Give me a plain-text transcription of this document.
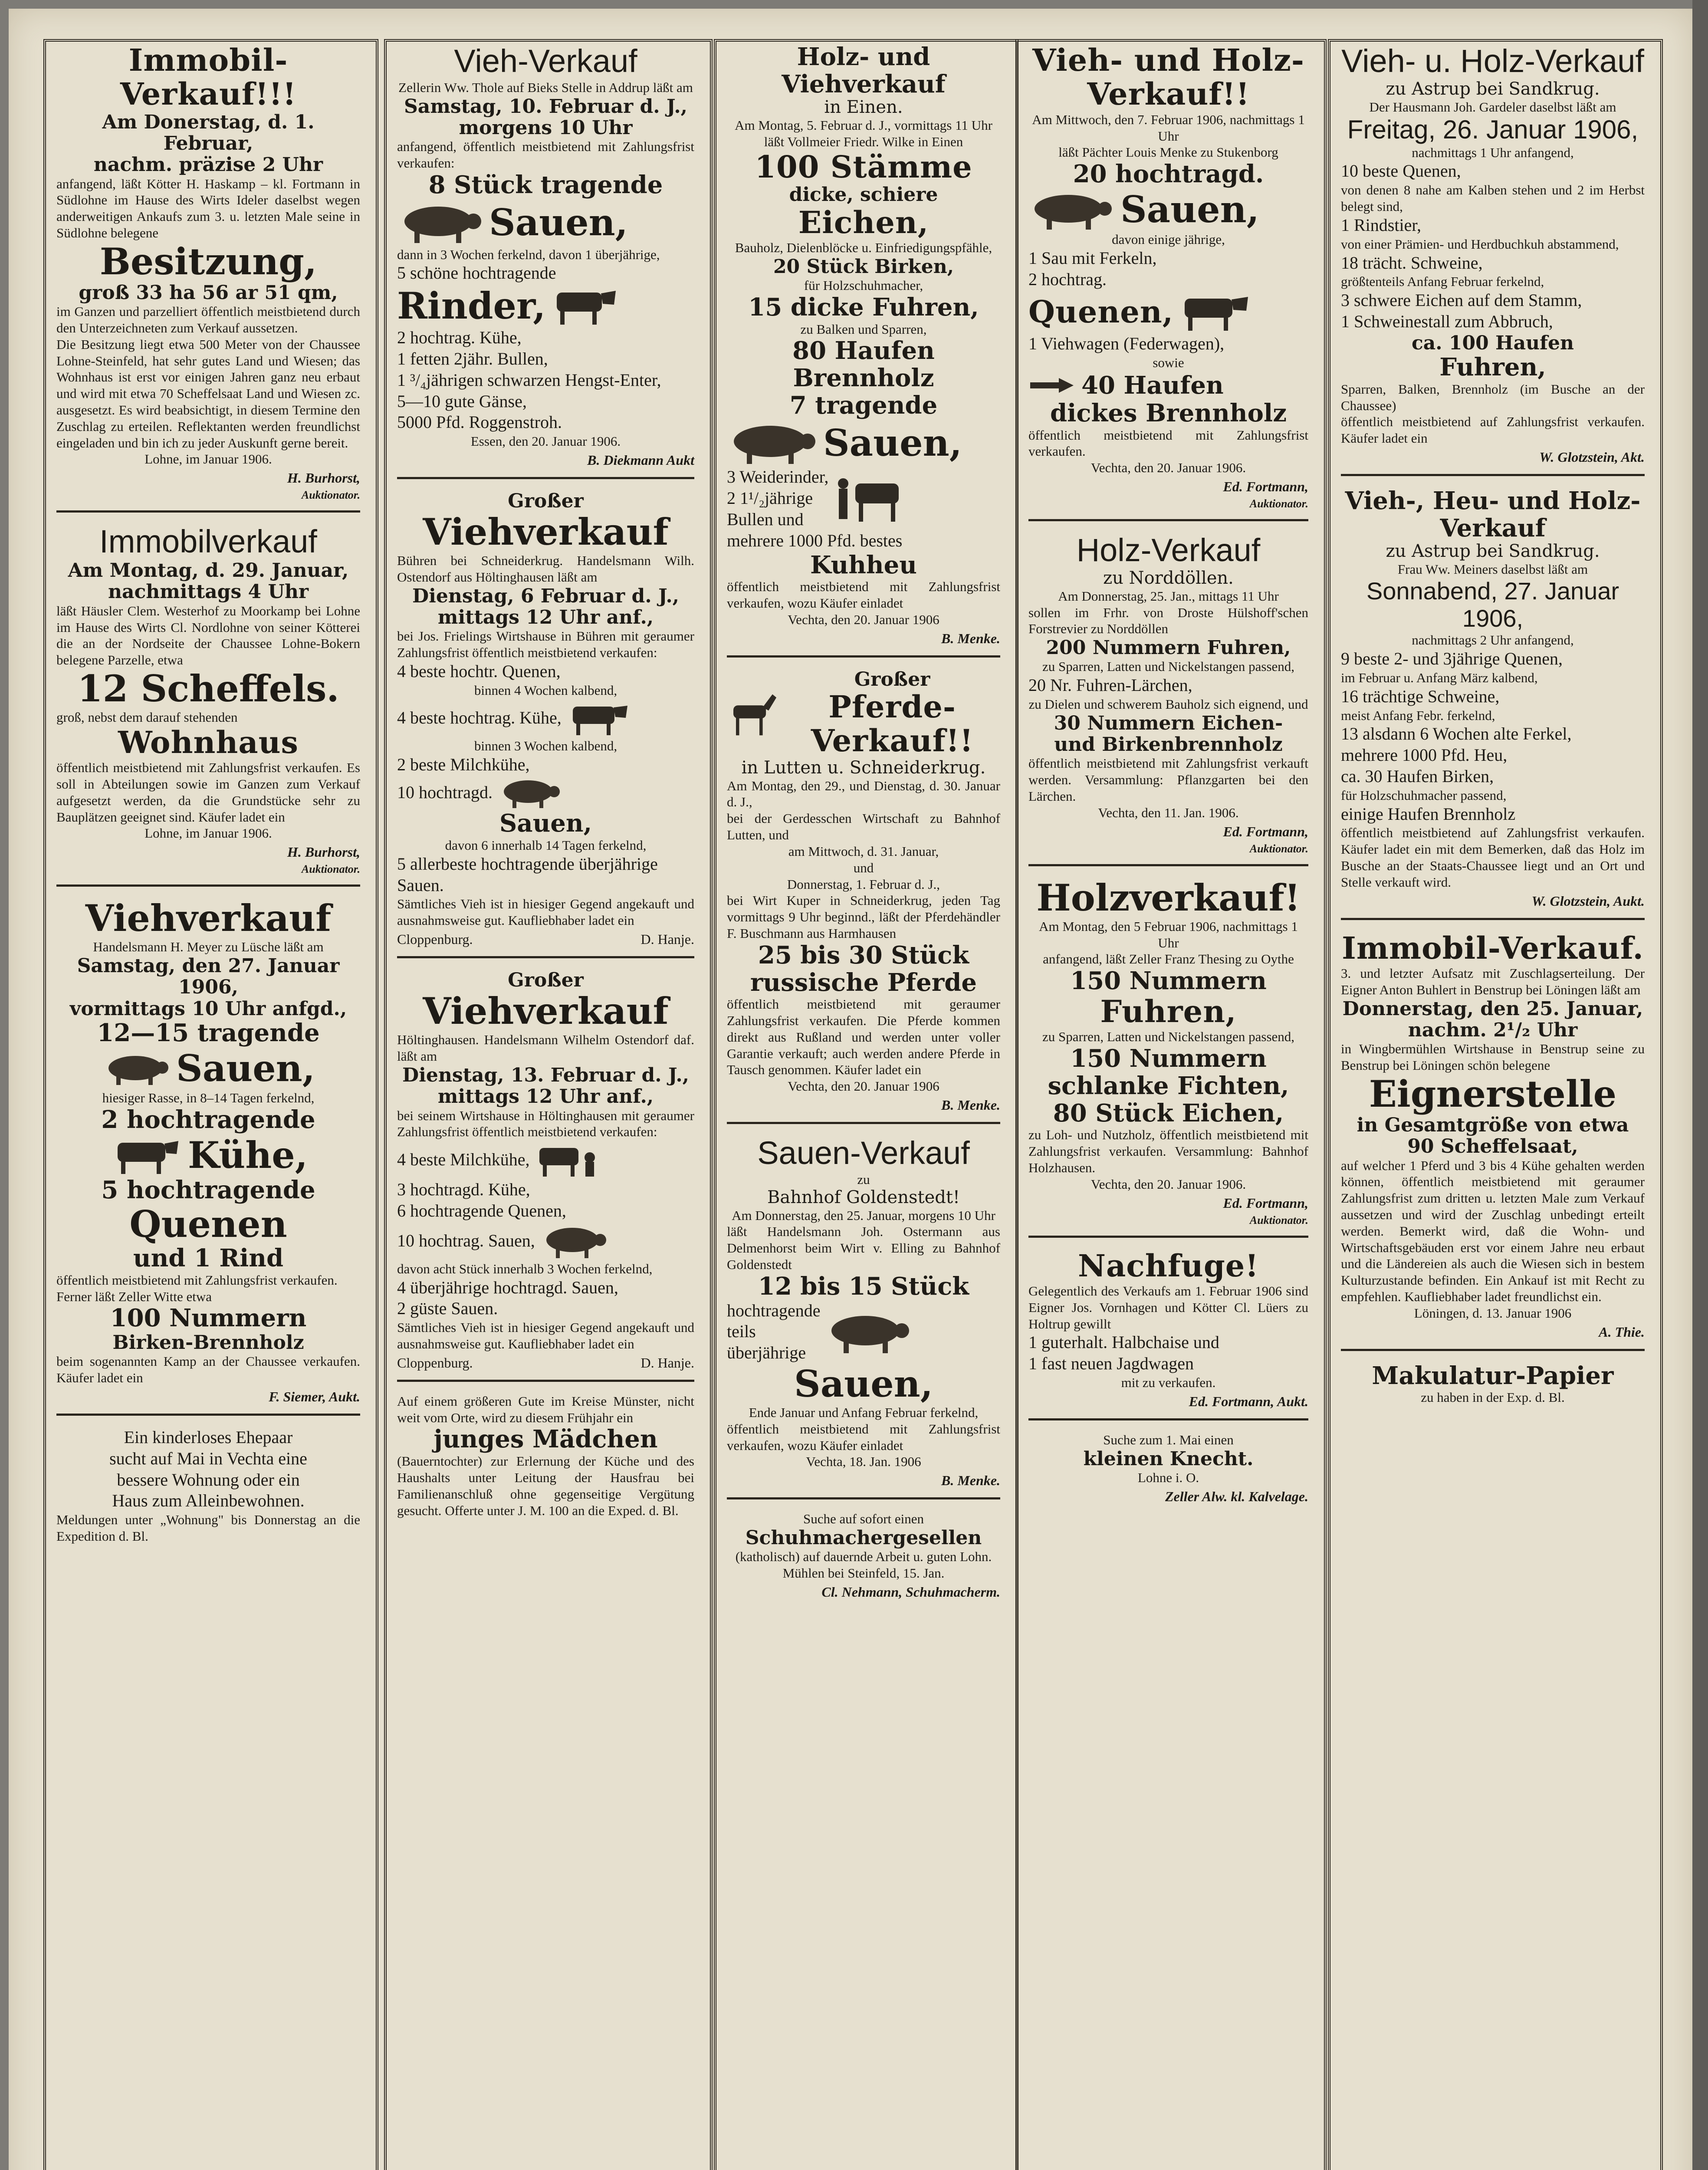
Immobil-Verkauf!!!
Am Donerstag, d. 1. Februar,
nachm. präzise 2 Uhr
anfangend, läßt Kötter H. Haskamp – kl. Fortmann in Südlohne im Hause des Wirts Ideler daselbst wegen anderweitigen Ankaufs zum 3. u. letzten Male seine in Südlohne belegene
Besitzung,
groß 33 ha 56 ar 51 qm,
im Ganzen und parzelliert öffentlich meistbietend durch den Unterzeichneten zum Verkauf aussetzen.
Die Besitzung liegt etwa 500 Meter von der Chaussee Lohne-Steinfeld, hat sehr gutes Land und Wiesen; das Wohnhaus ist erst vor einigen Jahren ganz neu erbaut und wird mit etwa 70 Scheffelsaat Land und Wiesen zc. ausgesetzt. Es wird beabsichtigt, in diesem Termine den Zuschlag zu erteilen. Reflektanten werden freundlichst eingeladen und bin ich zu jeder Auskunft gerne bereit.
Lohne, im Januar 1906.
H. Burhorst,
Auktionator.
Immobilverkauf
Am Montag, d. 29. Januar, nachmittags 4 Uhr
läßt Häusler Clem. Westerhof zu Moorkamp bei Lohne im Hause des Wirts Cl. Nordlohne von seiner Kötterei die an der Nordseite der Chaussee Lohne-Bokern belegene Parzelle, etwa
12 Scheffels.
groß, nebst dem darauf stehenden
Wohnhaus
öffentlich meistbietend mit Zahlungsfrist verkaufen. Es soll in Abteilungen sowie im Ganzen zum Verkauf aufgesetzt werden, da die Grundstücke sehr zu Bauplätzen geeignet sind. Käufer ladet ein
Lohne, im Januar 1906.
H. Burhorst,
Auktionator.
Viehverkauf
Handelsmann H. Meyer zu Lüsche läßt am
Samstag, den 27. Januar 1906,
vormittags 10 Uhr anfgd.,
12—15 tragende
Sauen,
hiesiger Rasse, in 8–14 Tagen ferkelnd,
2 hochtragende
Kühe,
5 hochtragende
Quenen
und 1 Rind
öffentlich meistbietend mit Zahlungsfrist verkaufen.
Ferner läßt Zeller Witte etwa
100 Nummern
Birken-Brennholz
beim sogenannten Kamp an der Chaussee verkaufen. Käufer ladet ein
F. Siemer, Aukt.
Ein kinderloses Ehepaar
sucht auf Mai in Vechta eine
bessere Wohnung oder ein
Haus zum Alleinbewohnen.
Meldungen unter „Wohnung" bis Donnerstag an die Expedition d. Bl.
Vieh-Verkauf
Zellerin Ww. Thole auf Bieks Stelle in Addrup läßt am
Samstag, 10. Februar d. J.,
morgens 10 Uhr
anfangend, öffentlich meistbietend mit Zahlungsfrist verkaufen:
8 Stück tragende
Sauen,
dann in 3 Wochen ferkelnd, davon 1 überjährige,
5 schöne hochtragende
Rinder,
2 hochtrag. Kühe,
1 fetten 2jähr. Bullen,
1 ³/₄jährigen schwarzen Hengst-Enter,
5—10 gute Gänse,
5000 Pfd. Roggenstroh.
Essen, den 20. Januar 1906.
B. Diekmann Aukt
Großer
Viehverkauf
Bühren bei Schneiderkrug. Handelsmann Wilh. Ostendorf aus Höltinghausen läßt am
Dienstag, 6 Februar d. J.,
mittags 12 Uhr anf.,
bei Jos. Frielings Wirtshause in Bühren mit geraumer Zahlungsfrist öffentlich meistbietend verkaufen:
4 beste hochtr. Quenen,
binnen 4 Wochen kalbend,
4 beste hochtrag. Kühe,
binnen 3 Wochen kalbend,
2 beste Milchkühe,
10 hochtragd.
Sauen,
davon 6 innerhalb 14 Tagen ferkelnd,
5 allerbeste hochtragende überjährige Sauen.
Sämtliches Vieh ist in hiesiger Gegend angekauft und ausnahmsweise gut. Kaufliebhaber ladet ein
Cloppenburg.	D. Hanje.
Großer
Viehverkauf
Höltinghausen. Handelsmann Wilhelm Ostendorf daf. läßt am
Dienstag, 13. Februar d. J.,
mittags 12 Uhr anf.,
bei seinem Wirtshause in Höltinghausen mit geraumer Zahlungsfrist öffentlich meistbietend verkaufen:
4 beste Milchkühe,
3 hochtragd. Kühe,
6 hochtragende Quenen,
10 hochtrag. Sauen,
davon acht Stück innerhalb 3 Wochen ferkelnd,
4 überjährige hochtragd. Sauen,
2 güste Sauen.
Sämtliches Vieh ist in hiesiger Gegend angekauft und ausnahmsweise gut. Kaufliebhaber ladet ein
Cloppenburg.	D. Hanje.
Auf einem größeren Gute im Kreise Münster, nicht weit vom Orte, wird zu diesem Frühjahr ein
junges Mädchen
(Bauerntochter) zur Erlernung der Küche und des Haushalts unter Leitung der Hausfrau bei Familienanschluß ohne gegenseitige Vergütung gesucht. Offerte unter J. M. 100 an die Exped. d. Bl.
Holz- und Viehverkauf
in Einen.
Am Montag, 5. Februar d. J., vormittags 11 Uhr
läßt Vollmeier Friedr. Wilke in Einen
100 Stämme
dicke, schiere
Eichen,
Bauholz, Dielenblöcke u. Einfriedigungspfähle,
20 Stück Birken,
für Holzschuhmacher,
15 dicke Fuhren,
zu Balken und Sparren,
80 Haufen Brennholz
7 tragende
Sauen,
3 Weiderinder,
2 1¹/₂jährige
Bullen und
mehrere 1000 Pfd. bestes
Kuhheu
öffentlich meistbietend mit Zahlungsfrist verkaufen, wozu Käufer einladet
Vechta, den 20. Januar 1906
B. Menke.
Großer
Pferde-Verkauf!!
in Lutten u. Schneiderkrug.
Am Montag, den 29., und Dienstag, d. 30. Januar d. J.,
bei der Gerdesschen Wirtschaft zu Bahnhof Lutten, und
am Mittwoch, d. 31. Januar,
und
Donnerstag, 1. Februar d. J.,
bei Wirt Kuper in Schneiderkrug, jeden Tag vormittags 9 Uhr beginnd., läßt der Pferdehändler F. Buschmann aus Harmhausen
25 bis 30 Stück
russische Pferde
öffentlich meistbietend mit geraumer Zahlungsfrist verkaufen. Die Pferde kommen direkt aus Rußland und werden unter voller Garantie verkauft; auch werden andere Pferde in Tausch genommen. Käufer ladet ein
Vechta, den 20. Januar 1906
B. Menke.
Sauen-Verkauf
zu
Bahnhof Goldenstedt!
Am Donnerstag, den 25. Januar, morgens 10 Uhr
läßt Handelsmann Joh. Ostermann aus Delmenhorst beim Wirt v. Elling zu Bahnhof Goldenstedt
12 bis 15 Stück
hochtragende
teils
überjährige
Sauen,
Ende Januar und Anfang Februar ferkelnd,
öffentlich meistbietend mit Zahlungsfrist verkaufen, wozu Käufer einladet
Vechta, 18. Jan. 1906
B. Menke.
Suche auf sofort einen
Schuhmachergesellen
(katholisch) auf dauernde Arbeit u. guten Lohn.
Mühlen bei Steinfeld, 15. Jan.
Cl. Nehmann, Schuhmacherm.
Vieh- und Holz-Verkauf!!
Am Mittwoch, den 7. Februar 1906, nachmittags 1 Uhr
läßt Pächter Louis Menke zu Stukenborg
20 hochtragd.
Sauen,
davon einige jährige,
1 Sau mit Ferkeln,
2 hochtrag.
Quenen,
1 Viehwagen (Federwagen),
sowie
40 Haufen
dickes Brennholz
öffentlich meistbietend mit Zahlungsfrist verkaufen.
Vechta, den 20. Januar 1906.
Ed. Fortmann,
Auktionator.
Holz-Verkauf
zu Norddöllen.
Am Donnerstag, 25. Jan., mittags 11 Uhr
sollen im Frhr. von Droste Hülshoff'schen Forstrevier zu Norddöllen
200 Nummern Fuhren,
zu Sparren, Latten und Nickelstangen passend,
20 Nr. Fuhren-Lärchen,
zu Dielen und schwerem Bauholz sich eignend, und
30 Nummern Eichen-
und Birkenbrennholz
öffentlich meistbietend mit Zahlungsfrist verkauft werden. Versammlung: Pflanzgarten bei den Lärchen.
Vechta, den 11. Jan. 1906.
Ed. Fortmann,
Auktionator.
Holzverkauf!
Am Montag, den 5 Februar 1906, nachmittags 1 Uhr
anfangend, läßt Zeller Franz Thesing zu Oythe
150 Nummern
Fuhren,
zu Sparren, Latten und Nickelstangen passend,
150 Nummern
schlanke Fichten,
80 Stück Eichen,
zu Loh- und Nutzholz, öffentlich meistbietend mit Zahlungsfrist verkaufen. Versammlung: Bahnhof Holzhausen.
Vechta, den 20. Januar 1906.
Ed. Fortmann,
Auktionator.
Nachfuge!
Gelegentlich des Verkaufs am 1. Februar 1906 sind Eigner Jos. Vornhagen und Kötter Cl. Lüers zu Holtrup gewillt
1 guterhalt. Halbchaise und
1 fast neuen Jagdwagen
mit zu verkaufen.
Ed. Fortmann, Aukt.
Suche zum 1. Mai einen
kleinen Knecht.
Lohne i. O.
Zeller Alw. kl. Kalvelage.
Vieh- u. Holz-Verkauf
zu Astrup bei Sandkrug.
Der Hausmann Joh. Gardeler daselbst läßt am
Freitag, 26. Januar 1906,
nachmittags 1 Uhr anfangend,
10 beste Quenen,
von denen 8 nahe am Kalben stehen und 2 im Herbst belegt sind,
1 Rindstier,
von einer Prämien- und Herdbuchkuh abstammend,
18 trächt. Schweine,
größtenteils Anfang Februar ferkelnd,
3 schwere Eichen auf dem Stamm,
1 Schweinestall zum Abbruch,
ca. 100 Haufen
Fuhren,
Sparren, Balken, Brennholz (im Busche an der Chaussee)
öffentlich meistbietend auf Zahlungsfrist verkaufen. Käufer ladet ein
W. Glotzstein, Akt.
Vieh-, Heu- und Holz-Verkauf
zu Astrup bei Sandkrug.
Frau Ww. Meiners daselbst läßt am
Sonnabend, 27. Januar 1906,
nachmittags 2 Uhr anfangend,
9 beste 2- und 3jährige Quenen,
im Februar u. Anfang März kalbend,
16 trächtige Schweine,
meist Anfang Febr. ferkelnd,
13 alsdann 6 Wochen alte Ferkel,
mehrere 1000 Pfd. Heu,
ca. 30 Haufen Birken,
für Holzschuhmacher passend,
einige Haufen Brennholz
öffentlich meistbietend auf Zahlungsfrist verkaufen. Käufer ladet ein mit dem Bemerken, daß das Holz im Busche an der Staats-Chaussee liegt und an Ort und Stelle verkauft wird.
W. Glotzstein, Aukt.
Immobil-Verkauf.
3. und letzter Aufsatz mit Zuschlagserteilung. Der Eigner Anton Buhlert in Benstrup bei Löningen läßt am
Donnerstag, den 25. Januar,
nachm. 2¹/₂ Uhr
in Wingbermühlen Wirtshause in Benstrup seine zu Benstrup bei Löningen schön belegene
Eignerstelle
in Gesamtgröße von etwa 90 Scheffelsaat,
auf welcher 1 Pferd und 3 bis 4 Kühe gehalten werden können, öffentlich meistbietend mit geraumer Zahlungsfrist zum dritten u. letzten Male zum Verkauf aussetzen und wird der Zuschlag unbedingt erteilt werden. Bemerkt wird, daß die Wohn- und Wirtschaftsgebäuden erst vor einem Jahre neu erbaut und die Ländereien als auch die Wiesen sich in bestem Kulturzustande befinden. Ein Ankauf ist mit Recht zu empfehlen. Kaufliebhaber ladet freundlichst ein.
Löningen, d. 13. Januar 1906
A. Thie.
Makulatur-Papier
zu haben in der Exp. d. Bl.
